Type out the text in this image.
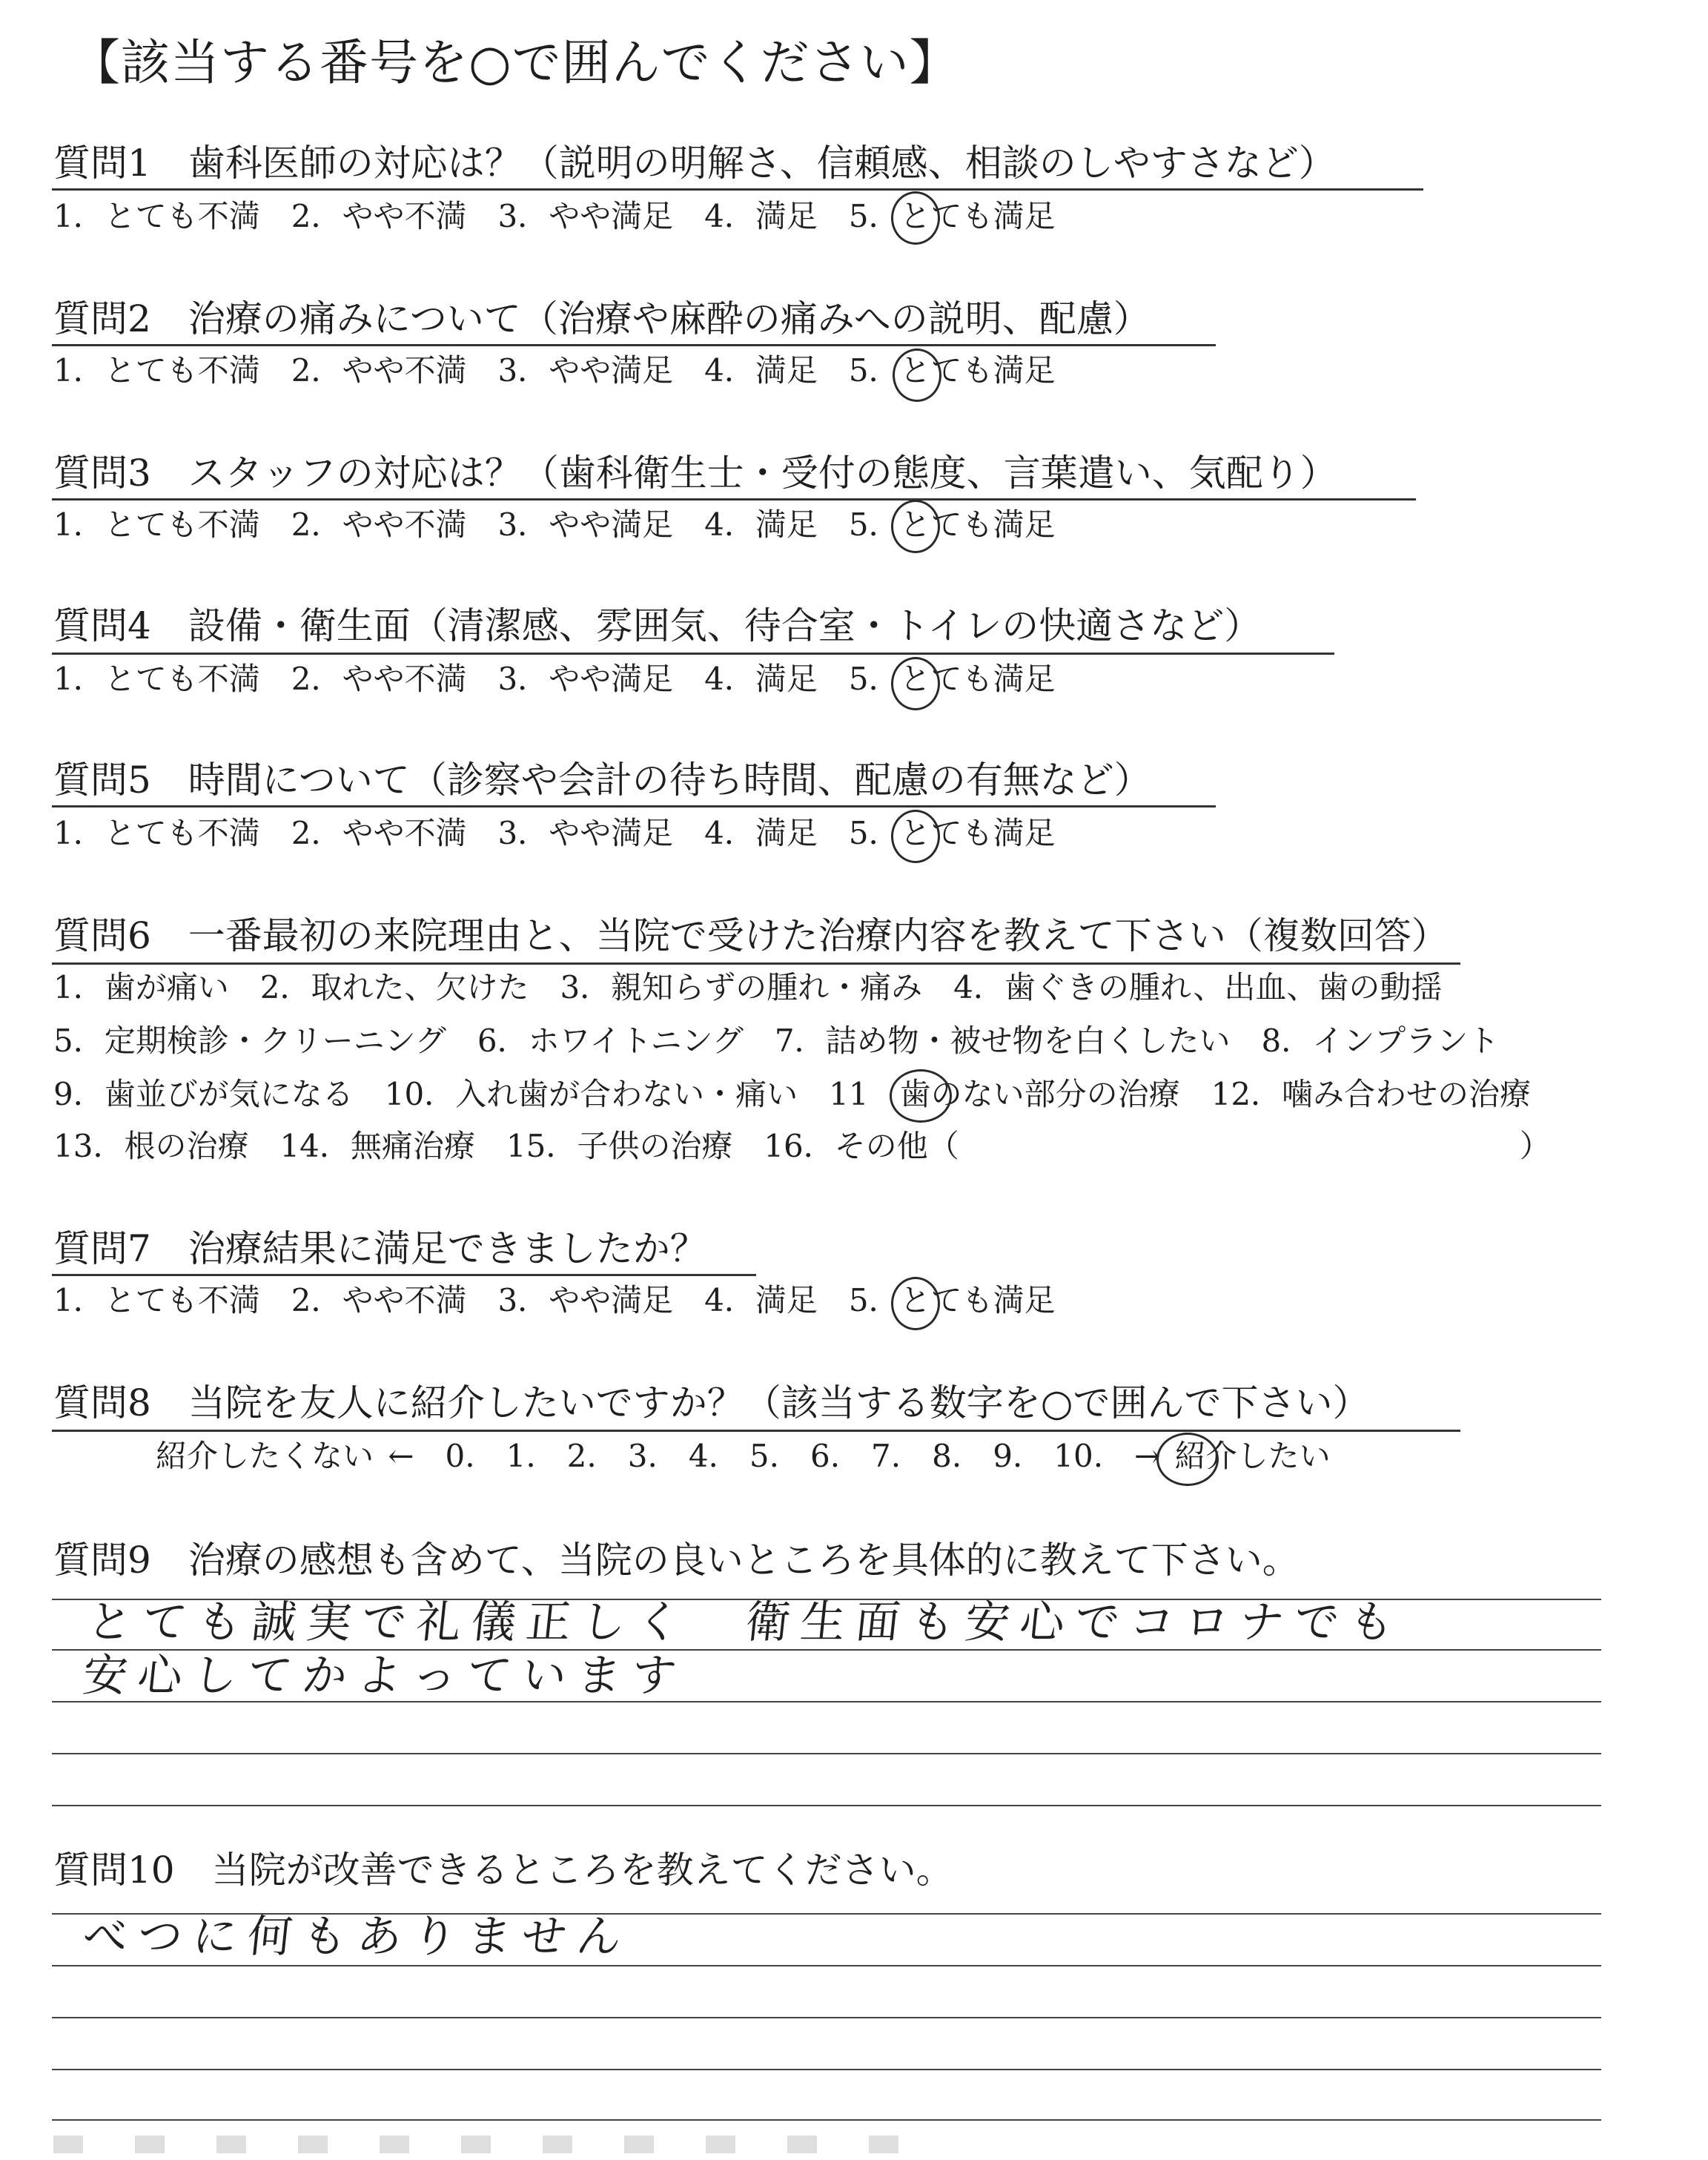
【該当する番号を○で囲んでください】
質問1　歯科医師の対応は？（説明の明解さ、信頼感、相談のしやすさなど）
1．とても不満　2．やや不満　3．やや満足　4．満足　5．とても満足
質問2　治療の痛みについて（治療や麻酔の痛みへの説明、配慮）
1．とても不満　2．やや不満　3．やや満足　4．満足　5．とても満足
質問3　スタッフの対応は？（歯科衛生士・受付の態度、言葉遣い、気配り）
1．とても不満　2．やや不満　3．やや満足　4．満足　5．とても満足
質問4　設備・衛生面（清潔感、雰囲気、待合室・トイレの快適さなど）
1．とても不満　2．やや不満　3．やや満足　4．満足　5．とても満足
質問5　時間について（診察や会計の待ち時間、配慮の有無など）
1．とても不満　2．やや不満　3．やや満足　4．満足　5．とても満足
質問6　一番最初の来院理由と、当院で受けた治療内容を教えて下さい（複数回答）
1．歯が痛い　2．取れた、欠けた　3．親知らずの腫れ・痛み　4．歯ぐきの腫れ、出血、歯の動揺
5．定期検診・クリーニング　6．ホワイトニング　7．詰め物・被せ物を白くしたい　8．インプラント
9．歯並びが気になる　10．入れ歯が合わない・痛い　11　歯のない部分の治療　12．噛み合わせの治療
13．根の治療　14．無痛治療　15．子供の治療　16．その他（　　　　　　　　　　　　　　　　　　）
質問7　治療結果に満足できましたか？
1．とても不満　2．やや不満　3．やや満足　4．満足　5．とても満足
質問8　当院を友人に紹介したいですか？（該当する数字を○で囲んで下さい）
紹介したくない ←　0.　1.　2.　3.　4.　5.　6.　7.　8.　9.　10.　→ 紹介したい
質問9　治療の感想も含めて、当院の良いところを具体的に教えて下さい。
とても誠実で礼儀正しく　衛生面も安心でコロナでも
安心してかよっています
質問10　当院が改善できるところを教えてください。
べつに何もありません
